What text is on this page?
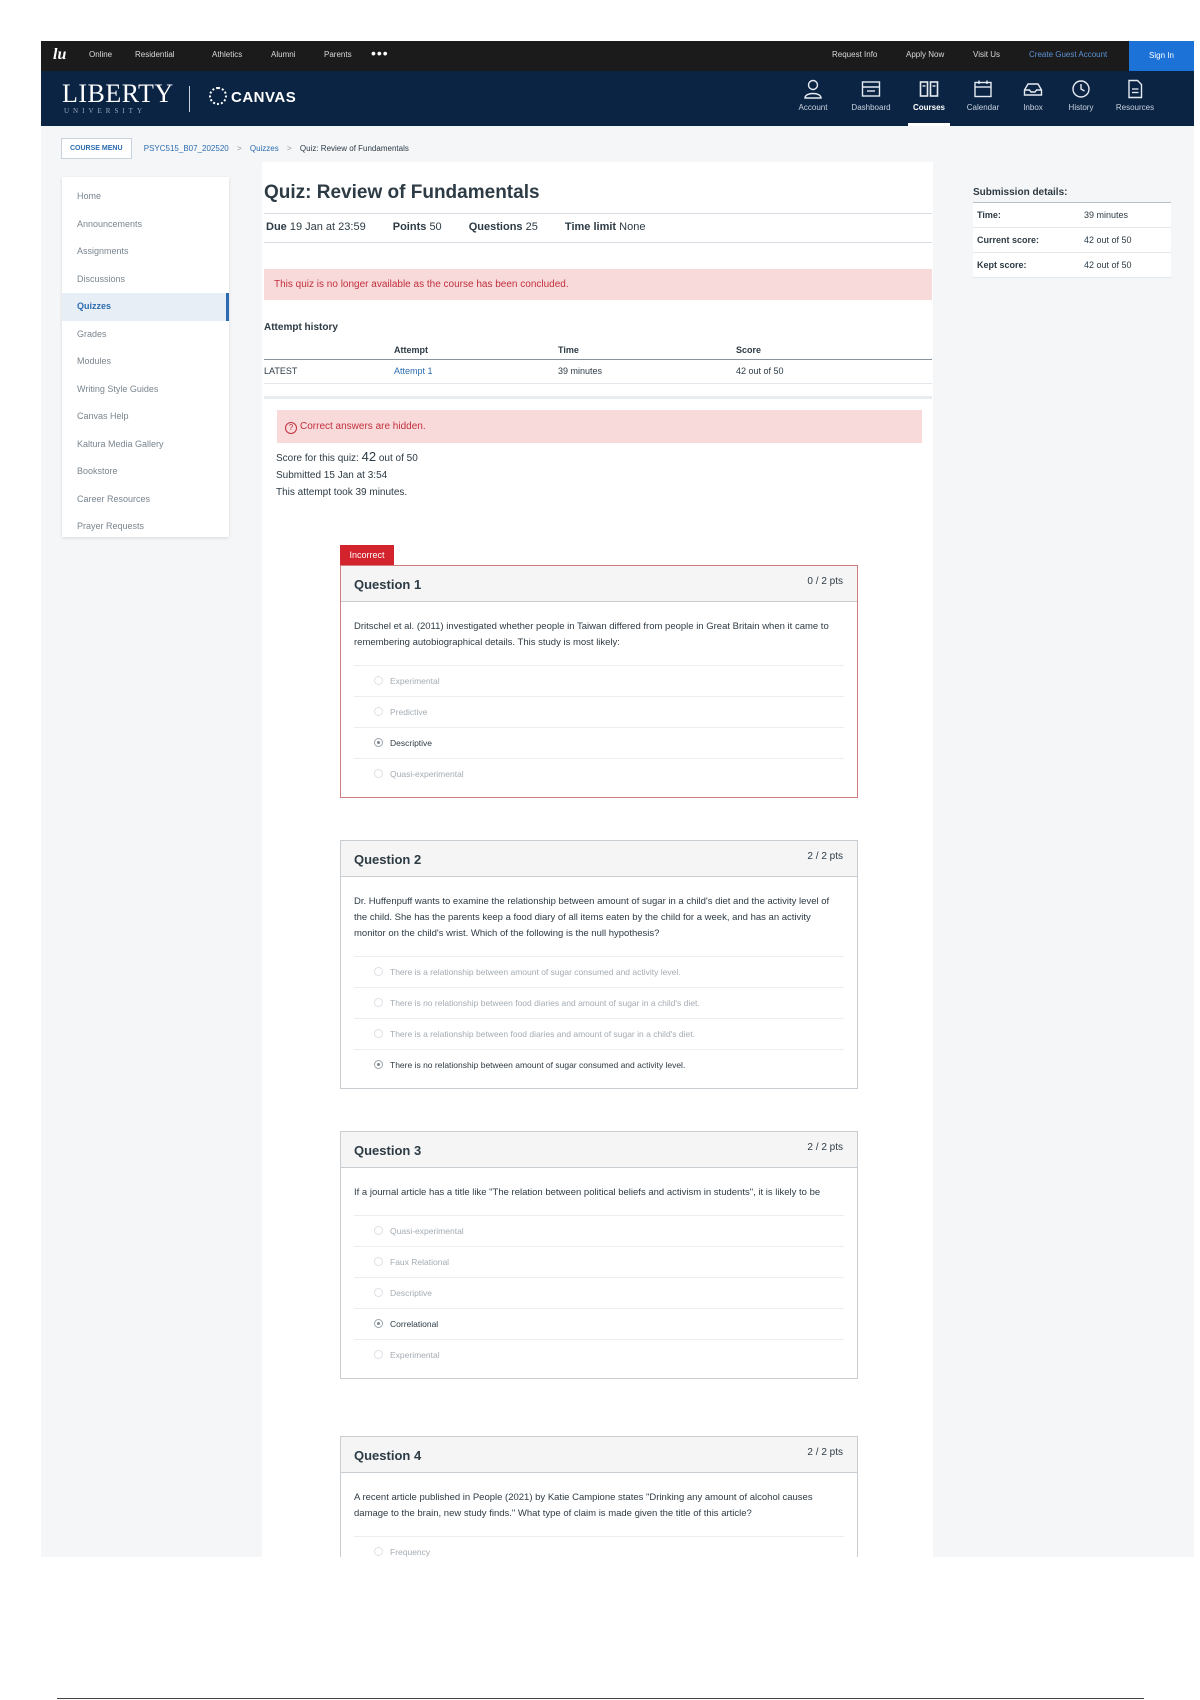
lu	Online	Residential	Athletics	Alumni	Parents •••	Request Info	Apply Now	Visit Us	Create Guest Account	Sign In
LIBERTY
UNIVERSITY
CANVAS
Account	Dashboard	Courses	Calendar	Inbox	History	Resources
COURSE MENU	PSYC515_B07_202520 > Quizzes > Quiz: Review of Fundamentals
Home
Announcements
Assignments
Discussions
Quizzes
Grades
Modules
Writing Style Guides
Canvas Help
Kaltura Media Gallery
Bookstore
Career Resources
Prayer Requests
Quiz: Review of Fundamentals
Due 19 Jan at 23:59 Points 50 Questions 25 Time limit None
This quiz is no longer available as the course has been concluded.
Attempt history
	Attempt	Time	Score
LATEST	Attempt 1	39 minutes	42 out of 50
? Correct answers are hidden.
Score for this quiz: 42 out of 50
Submitted 15 Jan at 3:54
This attempt took 39 minutes.
Incorrect
Question 1	0 / 2 pts
Dritschel et al. (2011) investigated whether people in Taiwan differed from people in Great Britain when it came to remembering autobiographical details. This study is most likely:
Experimental
Predictive
Descriptive
Quasi-experimental
Question 2	2 / 2 pts
Dr. Huffenpuff wants to examine the relationship between amount of sugar in a child's diet and the activity level of the child. She has the parents keep a food diary of all items eaten by the child for a week, and has an activity monitor on the child's wrist. Which of the following is the null hypothesis?
There is a relationship between amount of sugar consumed and activity level.
There is no relationship between food diaries and amount of sugar in a child's diet.
There is a relationship between food diaries and amount of sugar in a child's diet.
There is no relationship between amount of sugar consumed and activity level.
Question 3	2 / 2 pts
If a journal article has a title like "The relation between political beliefs and activism in students", it is likely to be
Quasi-experimental
Faux Relational
Descriptive
Correlational
Experimental
Question 4	2 / 2 pts
A recent article published in People (2021) by Katie Campione states "Drinking any amount of alcohol causes damage to the brain, new study finds." What type of claim is made given the title of this article?
Frequency
Submission details:
Time:	39 minutes
Current score:	42 out of 50
Kept score:	42 out of 50
